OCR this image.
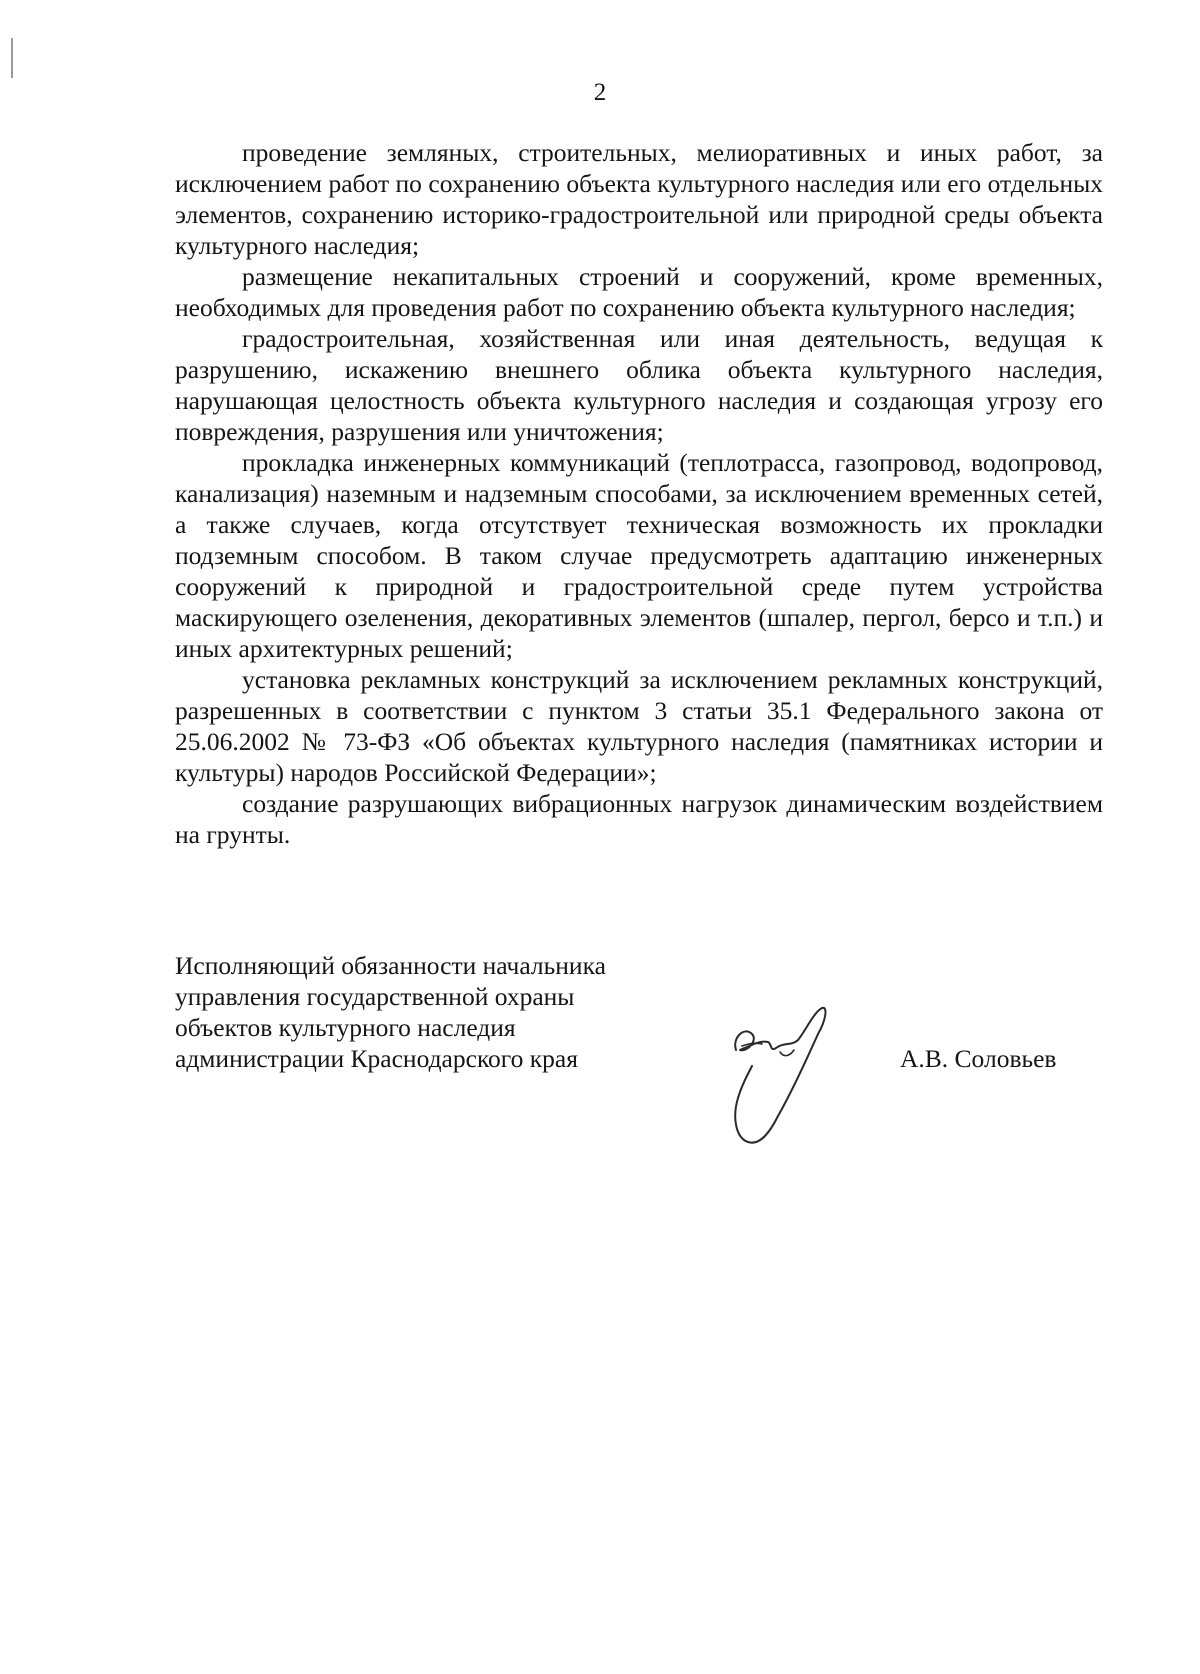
2

проведение земляных, строительных, мелиоративных и иных работ, за исключением работ по сохранению объекта культурного наследия или его отдельных элементов, сохранению историко-градостроительной или природной среды объекта культурного наследия;

размещение некапитальных строений и сооружений, кроме временных, необходимых для проведения работ по сохранению объекта культурного наследия;

градостроительная, хозяйственная или иная деятельность, ведущая к разрушению, искажению внешнего облика объекта культурного наследия, нарушающая целостность объекта культурного наследия и создающая угрозу его повреждения, разрушения или уничтожения;

прокладка инженерных коммуникаций (теплотрасса, газопровод, водопровод, канализация) наземным и надземным способами, за исключением временных сетей, а также случаев, когда отсутствует техническая возможность их прокладки подземным способом. В таком случае предусмотреть адаптацию инженерных сооружений к природной и градостроительной среде путем устройства маскирующего озеленения, декоративных элементов (шпалер, пергол, берсо и т.п.) и иных архитектурных решений;

установка рекламных конструкций за исключением рекламных конструкций, разрешенных в соответствии с пунктом 3 статьи 35.1 Федерального закона от 25.06.2002 № 73-ФЗ «Об объектах культурного наследия (памятниках истории и культуры) народов Российской Федерации»;

создание разрушающих вибрационных нагрузок динамическим воздействием на грунты.

Исполняющий обязанности начальника
управления государственной охраны
объектов культурного наследия
администрации Краснодарского края	А.В. Соловьев
